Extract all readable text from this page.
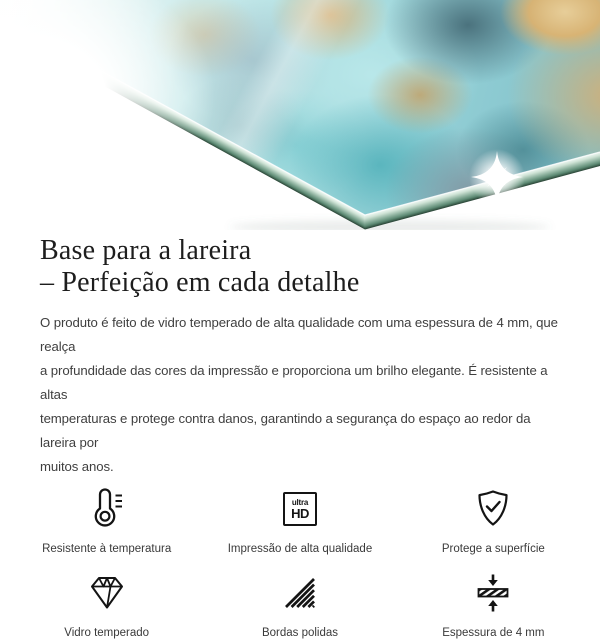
Base para a lareira
– Perfeição em cada detalhe

O produto é feito de vidro temperado de alta qualidade com uma espessura de 4 mm, que realça
a profundidade das cores da impressão e proporciona um brilho elegante. É resistente a altas
temperaturas e protege contra danos, garantindo a segurança do espaço ao redor da lareira por
muitos anos.

Resistente à temperatura
ultra
HD
Impressão de alta qualidade	Protege a superfície
Vidro temperado	Bordas polidas	Espessura de 4 mm
